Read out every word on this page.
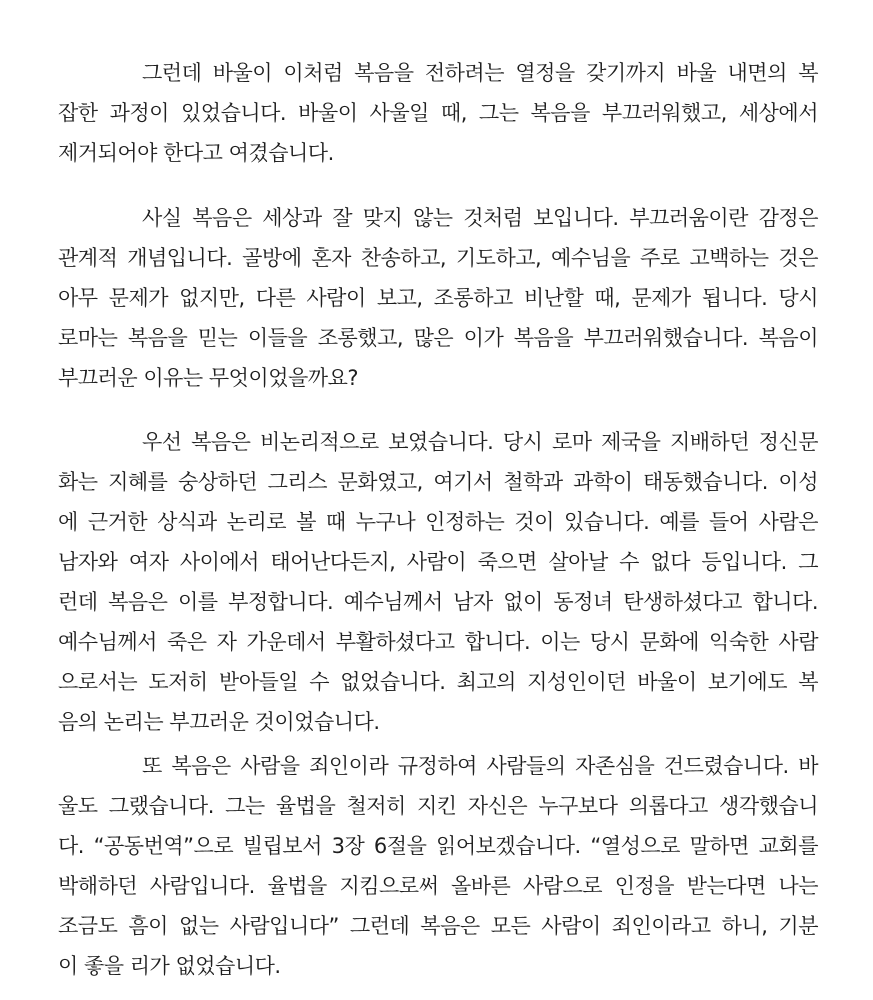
그런데 바울이 이처럼 복음을 전하려는 열정을 갖기까지 바울 내면의 복
잡한 과정이 있었습니다. 바울이 사울일 때, 그는 복음을 부끄러워했고, 세상에서
제거되어야 한다고 여겼습니다.

사실 복음은 세상과 잘 맞지 않는 것처럼 보입니다. 부끄러움이란 감정은
관계적 개념입니다. 골방에 혼자 찬송하고, 기도하고, 예수님을 주로 고백하는 것은
아무 문제가 없지만, 다른 사람이 보고, 조롱하고 비난할 때, 문제가 됩니다. 당시
로마는 복음을 믿는 이들을 조롱했고, 많은 이가 복음을 부끄러워했습니다. 복음이
부끄러운 이유는 무엇이었을까요?

우선 복음은 비논리적으로 보였습니다. 당시 로마 제국을 지배하던 정신문
화는 지혜를 숭상하던 그리스 문화였고, 여기서 철학과 과학이 태동했습니다. 이성
에 근거한 상식과 논리로 볼 때 누구나 인정하는 것이 있습니다. 예를 들어 사람은
남자와 여자 사이에서 태어난다든지, 사람이 죽으면 살아날 수 없다 등입니다. 그
런데 복음은 이를 부정합니다. 예수님께서 남자 없이 동정녀 탄생하셨다고 합니다.
예수님께서 죽은 자 가운데서 부활하셨다고 합니다. 이는 당시 문화에 익숙한 사람
으로서는 도저히 받아들일 수 없었습니다. 최고의 지성인이던 바울이 보기에도 복
음의 논리는 부끄러운 것이었습니다.

또 복음은 사람을 죄인이라 규정하여 사람들의 자존심을 건드렸습니다. 바
울도 그랬습니다. 그는 율법을 철저히 지킨 자신은 누구보다 의롭다고 생각했습니
다. “공동번역”으로 빌립보서 3장 6절을 읽어보겠습니다. “열성으로 말하면 교회를
박해하던 사람입니다. 율법을 지킴으로써 올바른 사람으로 인정을 받는다면 나는
조금도 흠이 없는 사람입니다” 그런데 복음은 모든 사람이 죄인이라고 하니, 기분
이 좋을 리가 없었습니다.
